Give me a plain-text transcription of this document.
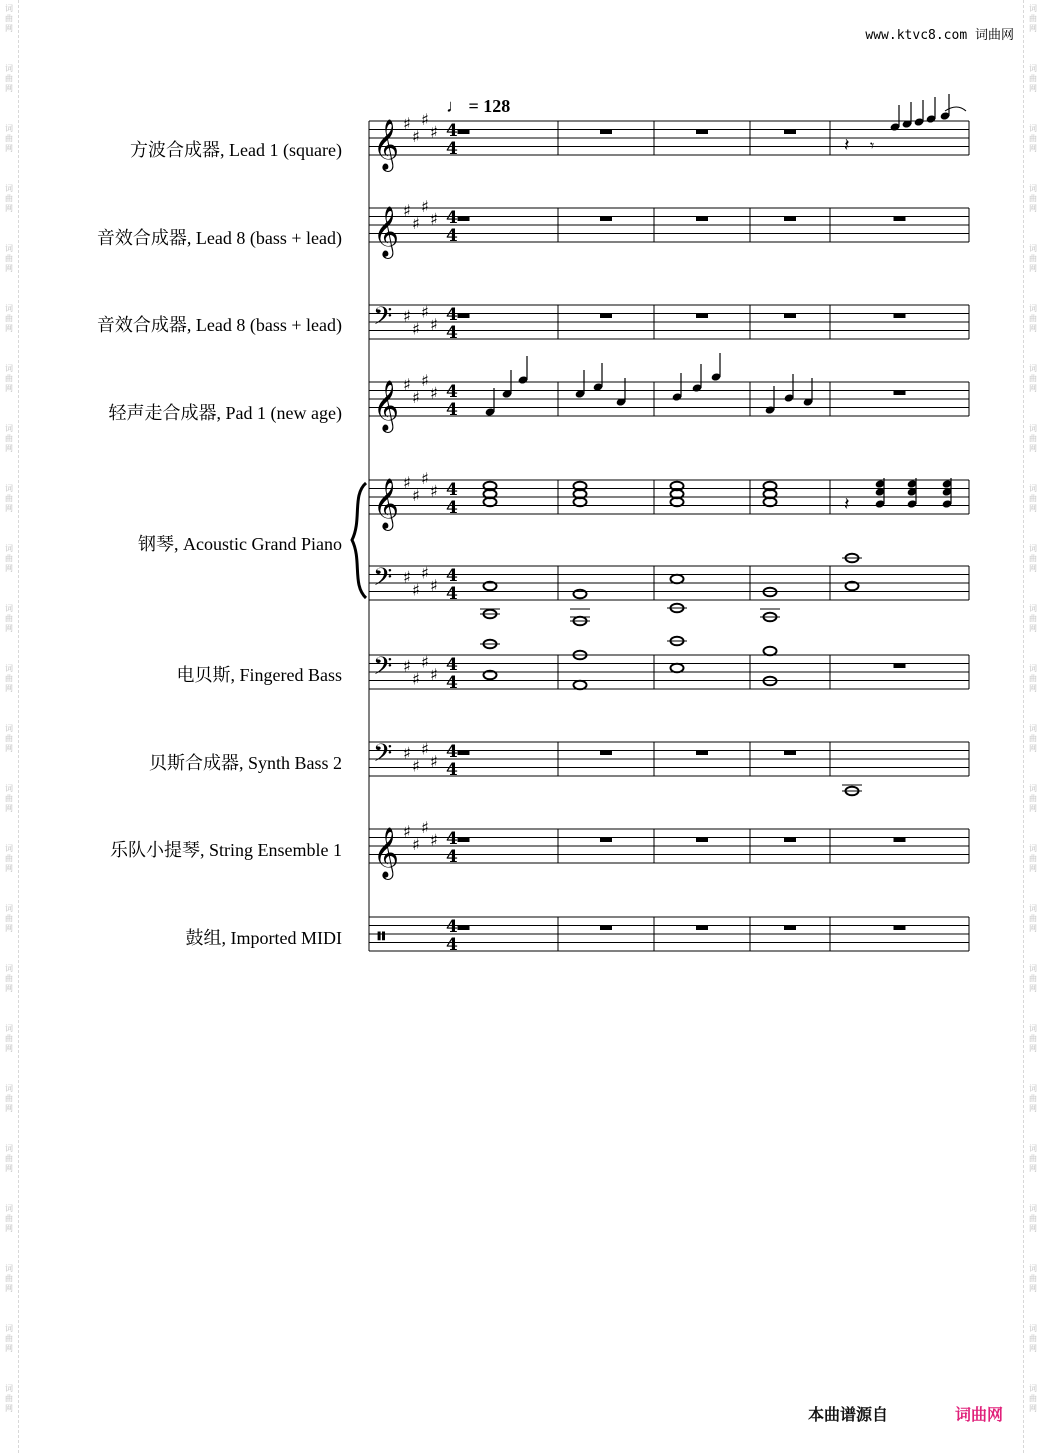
www.ktvc8.com 词曲网
词
曲
网
词
曲
网
词
曲
网
词
曲
网
词
曲
网
词
曲
网
词
曲
网
词
曲
网
词
曲
网
词
曲
网
词
曲
网
词
曲
网
词
曲
网
词
曲
网
词
曲
网
词
曲
网
词
曲
网
词
曲
网
词
曲
网
词
曲
网
词
曲
网
词
曲
网
词
曲
网
词
曲
网
词
曲
网
词
曲
网
词
曲
网
词
曲
网
词
曲
网
词
曲
网
词
曲
网
词
曲
网
词
曲
网
词
曲
网
词
曲
网
词
曲
网
词
曲
网
词
曲
网
词
曲
网
词
曲
网
词
曲
网
词
曲
网
词
曲
网
词
曲
网
词
曲
网
词
曲
网
词
曲
网
词
曲
网
♩ = 128
方波合成器, Lead 1 (square)
音效合成器, Lead 8 (bass + lead)
音效合成器, Lead 8 (bass + lead)
轻声走合成器, Pad 1 (new age)
钢琴, Acoustic Grand Piano
电贝斯, Fingered Bass
贝斯合成器, Synth Bass 2
乐队小提琴, String Ensemble 1
鼓组, Imported MIDI
𝄞 ♯
♯
♯
♯ 4
4
𝄞 ♯
♯
♯
♯ 4
4
𝄢 ♯
♯
♯
♯ 4
4
𝄞 ♯
♯
♯
♯ 4
4
𝄞 ♯
♯
♯
♯ 4
4
𝄢 ♯
♯
♯
♯ 4
4
𝄢 ♯
♯
♯
♯ 4
4
𝄢 ♯
♯
♯
♯ 4
4
𝄞 ♯
♯
♯
♯ 4
4
𝄥	4
4
𝄽 𝄾
𝄽
本曲谱源自	词曲网
